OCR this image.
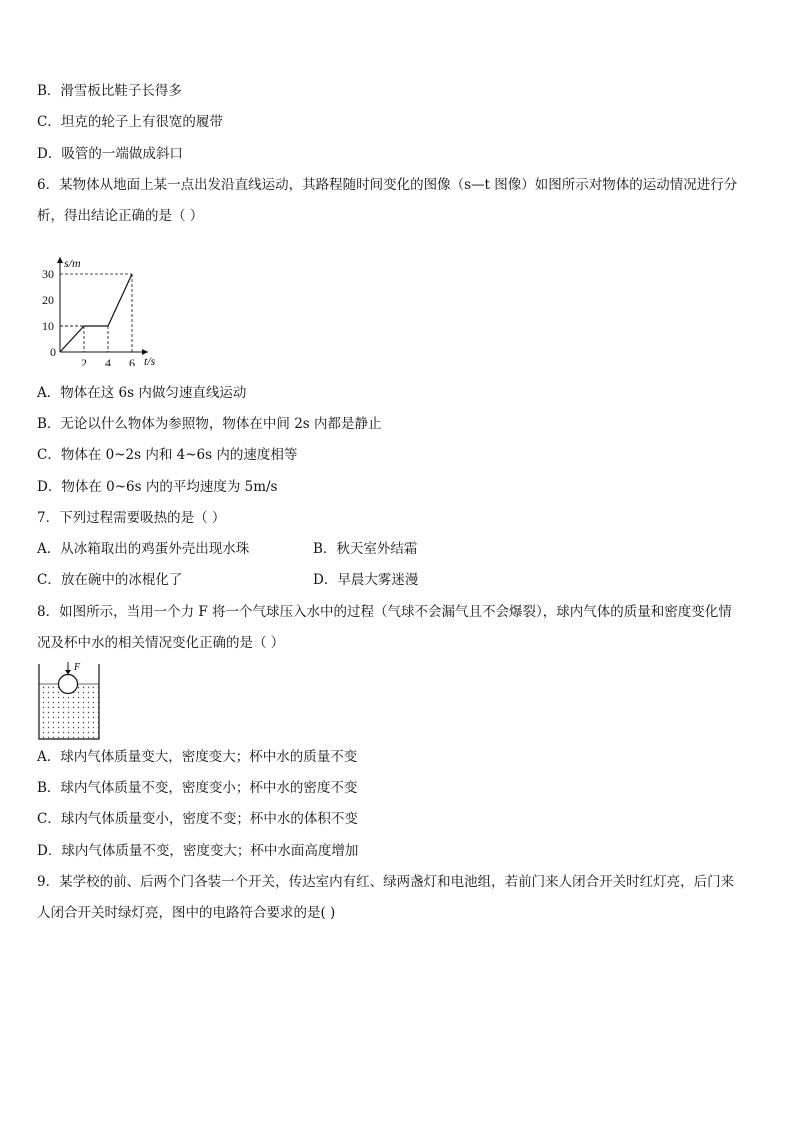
B．滑雪板比鞋子长得多
C．坦克的轮子上有很宽的履带
D．吸管的一端做成斜口
6．某物体从地面上某一点出发沿直线运动，其路程随时间变化的图像（s—t 图像）如图所示对物体的运动情况进行分
析，得出结论正确的是（ ）
t/s
s/m
0
2 4 6
10
20
30
A．物体在这 6s 内做匀速直线运动
B．无论以什么物体为参照物，物体在中间 2s 内都是静止
C．物体在 0~2s 内和 4~6s 内的速度相等
D．物体在 0~6s 内的平均速度为 5m/s
7．下列过程需要吸热的是（ ）
A．从冰箱取出的鸡蛋外壳出现水珠	B．秋天室外结霜
C．放在碗中的冰棍化了	D．早晨大雾迷漫
8．如图所示，当用一个力 F 将一个气球压入水中的过程（气球不会漏气且不会爆裂），球内气体的质量和密度变化情
况及杯中水的相关情况变化正确的是（ ）
F
A．球内气体质量变大，密度变大；杯中水的质量不变
B．球内气体质量不变，密度变小；杯中水的密度不变
C．球内气体质量变小，密度不变；杯中水的体积不变
D．球内气体质量不变，密度变大；杯中水面高度增加
9．某学校的前、后两个门各装一个开关，传达室内有红、绿两盏灯和电池组，若前门来人闭合开关时红灯亮，后门来
人闭合开关时绿灯亮，图中的电路符合要求的是( )
